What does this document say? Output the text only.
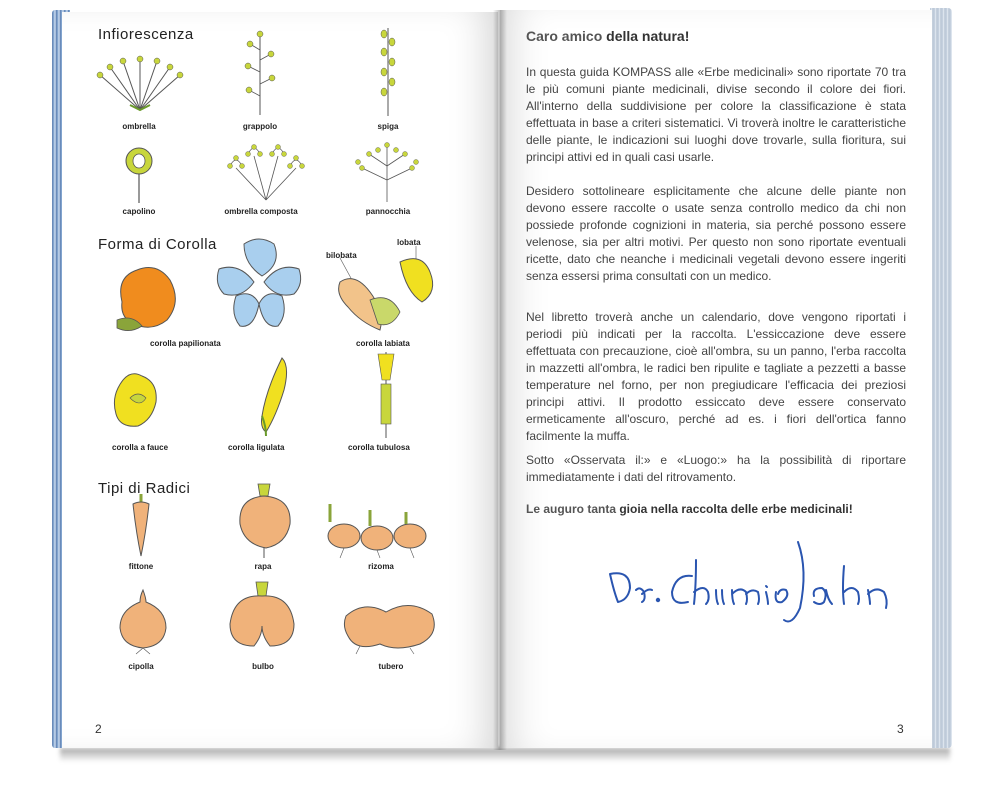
Infiorescenza
ombrella	grappolo	spiga
capolino	ombrella composta	pannocchia
Forma di Corolla
corolla papilionata
bilobata
lobata
corolla labiata
corolla a fauce	corolla ligulata	corolla tubulosa
Tipi di Radici
fittone	rapa	rizoma
cipolla	bulbo	tubero
2
Caro amico della natura!

In questa guida KOMPASS alle «Erbe medicinali» sono riportate 70 tra le più comuni piante medicinali, divise secondo il colore dei fiori. All'interno della suddivisione per colore la classificazione è stata effettuata in base a criteri sistematici. Vi troverà inoltre le caratteristiche delle piante, le indicazioni sui luoghi dove trovarle, sulla fioritura, sui principi attivi ed in quali casi usarle.

Desidero sottolineare esplicitamente che alcune delle piante non devono essere raccolte o usate senza controllo medico da chi non possiede profonde cognizioni in materia, sia perché possono essere velenose, sia per altri motivi. Per questo non sono riportate eventuali ricette, dato che neanche i medicinali vegetali devono essere ingeriti senza essersi prima consultati con un medico.

Nel libretto troverà anche un calendario, dove vengono riportati i periodi più indicati per la raccolta. L'essiccazione deve essere effettuata con precauzione, cioè all'ombra, su un panno, l'erba raccolta in mazzetti all'ombra, le radici ben ripulite e tagliate a pezzetti a basse temperature nel forno, per non pregiudicare l'efficacia dei preziosi principi attivi. Il prodotto essiccato deve essere conservato ermeticamente all'oscuro, perché ad es. i fiori dell'ortica fanno facilmente la muffa.

Sotto «Osservata il:» e «Luogo:» ha la possibilità di riportare immediatamente i dati del ritrovamento.

Le auguro tanta gioia nella raccolta delle erbe medicinali!
3
